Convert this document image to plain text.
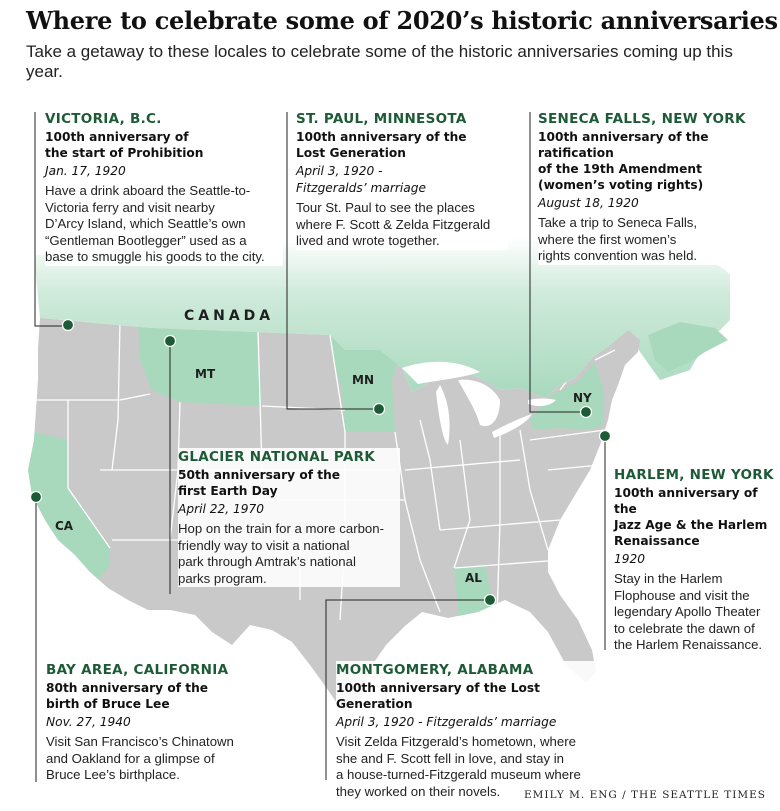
CANADA
MT	MN
NY
CA
AL
Where to celebrate some of 2020’s historic anniversaries
Take a getaway to these locales to celebrate some of the historic anniversaries coming up this year.
VICTORIA, B.C.
100th anniversary of
the start of Prohibition
Jan. 17, 1920
Have a drink aboard the Seattle-to-
Victoria ferry and visit nearby
D’Arcy Island, which Seattle’s own
“Gentleman Bootlegger” used as a
base to smuggle his goods to the city.
ST. PAUL, MINNESOTA
100th anniversary of the
Lost Generation
April 3, 1920 -
Fitzgeralds’ marriage
Tour St. Paul to see the places
where F. Scott & Zelda Fitzgerald
lived and wrote together.
SENECA FALLS, NEW YORK
100th anniversary of the ratification
of the 19th Amendment
(women’s voting rights)
August 18, 1920
Take a trip to Seneca Falls,
where the first women’s
rights convention was held.
GLACIER NATIONAL PARK
50th anniversary of the
first Earth Day
April 22, 1970
Hop on the train for a more carbon-
friendly way to visit a national
park through Amtrak’s national
parks program.
HARLEM, NEW YORK
100th anniversary of the
Jazz Age & the Harlem
Renaissance
1920
Stay in the Harlem
Flophouse and visit the
legendary Apollo Theater
to celebrate the dawn of
the Harlem Renaissance.
BAY AREA, CALIFORNIA
80th anniversary of the
birth of Bruce Lee
Nov. 27, 1940
Visit San Francisco’s Chinatown
and Oakland for a glimpse of
Bruce Lee’s birthplace.
MONTGOMERY, ALABAMA
100th anniversary of the Lost Generation
April 3, 1920 - Fitzgeralds’ marriage
Visit Zelda Fitzgerald’s hometown, where
she and F. Scott fell in love, and stay in
a house-turned-Fitzgerald museum where
they worked on their novels.	EMILY M. ENG / THE SEATTLE TIMES
